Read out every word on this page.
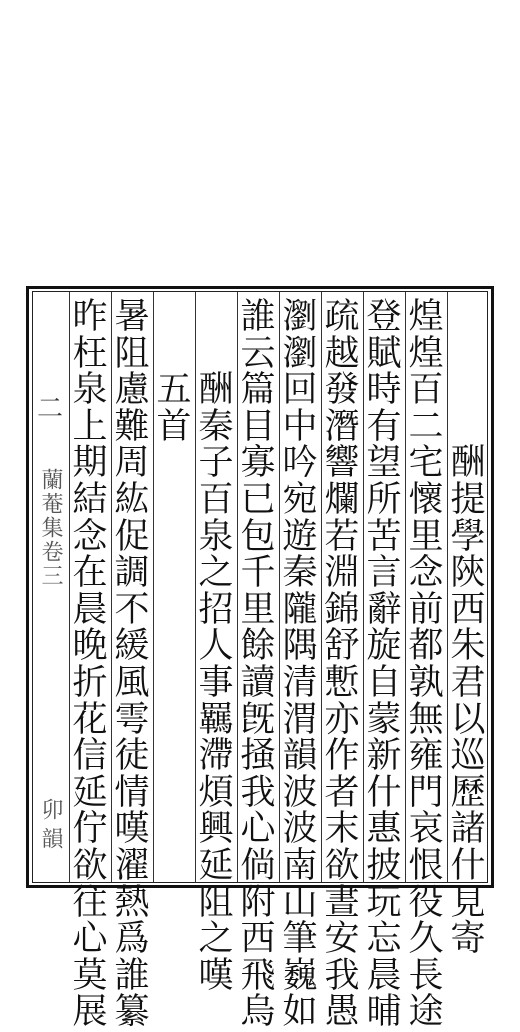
二
蘭菴集卷三
卯 韻
酬
提
學
陝
西
朱
君
以
巡
歷
諸
什
見
寄
煌
煌
百
二
宅
懷
里
念
前
都
孰
無
雍
門
哀
恨
役
久
長
途
登
賦
時
有
望
所
苦
言
辭
旋
自
蒙
新
什
惠
披
玩
忘
晨
晡
疏
越
發
潛
響
爛
若
淵
錦
舒
慙
亦
作
者
末
欲
晝
安
我
愚
瀏
瀏
回
中
吟
宛
遊
秦
隴
隅
清
渭
韻
波
波
南
山
筆
巍
如
誰
云
篇
目
寡
已
包
千
里
餘
讀
旣
掻
我
心
倘
附
西
飛
烏
酬
秦
子
百
泉
之
招
人
事
羈
滯
煩
興
延
阻
之
嘆
五
首
暑
阻
慮
難
周
紘
促
調
不
緩
風
雩
徒
情
嘆
濯
熱
爲
誰
纂
昨
枉
泉
上
期
結
念
在
晨
晚
折
花
信
延
佇
欲
往
心
莫
展
